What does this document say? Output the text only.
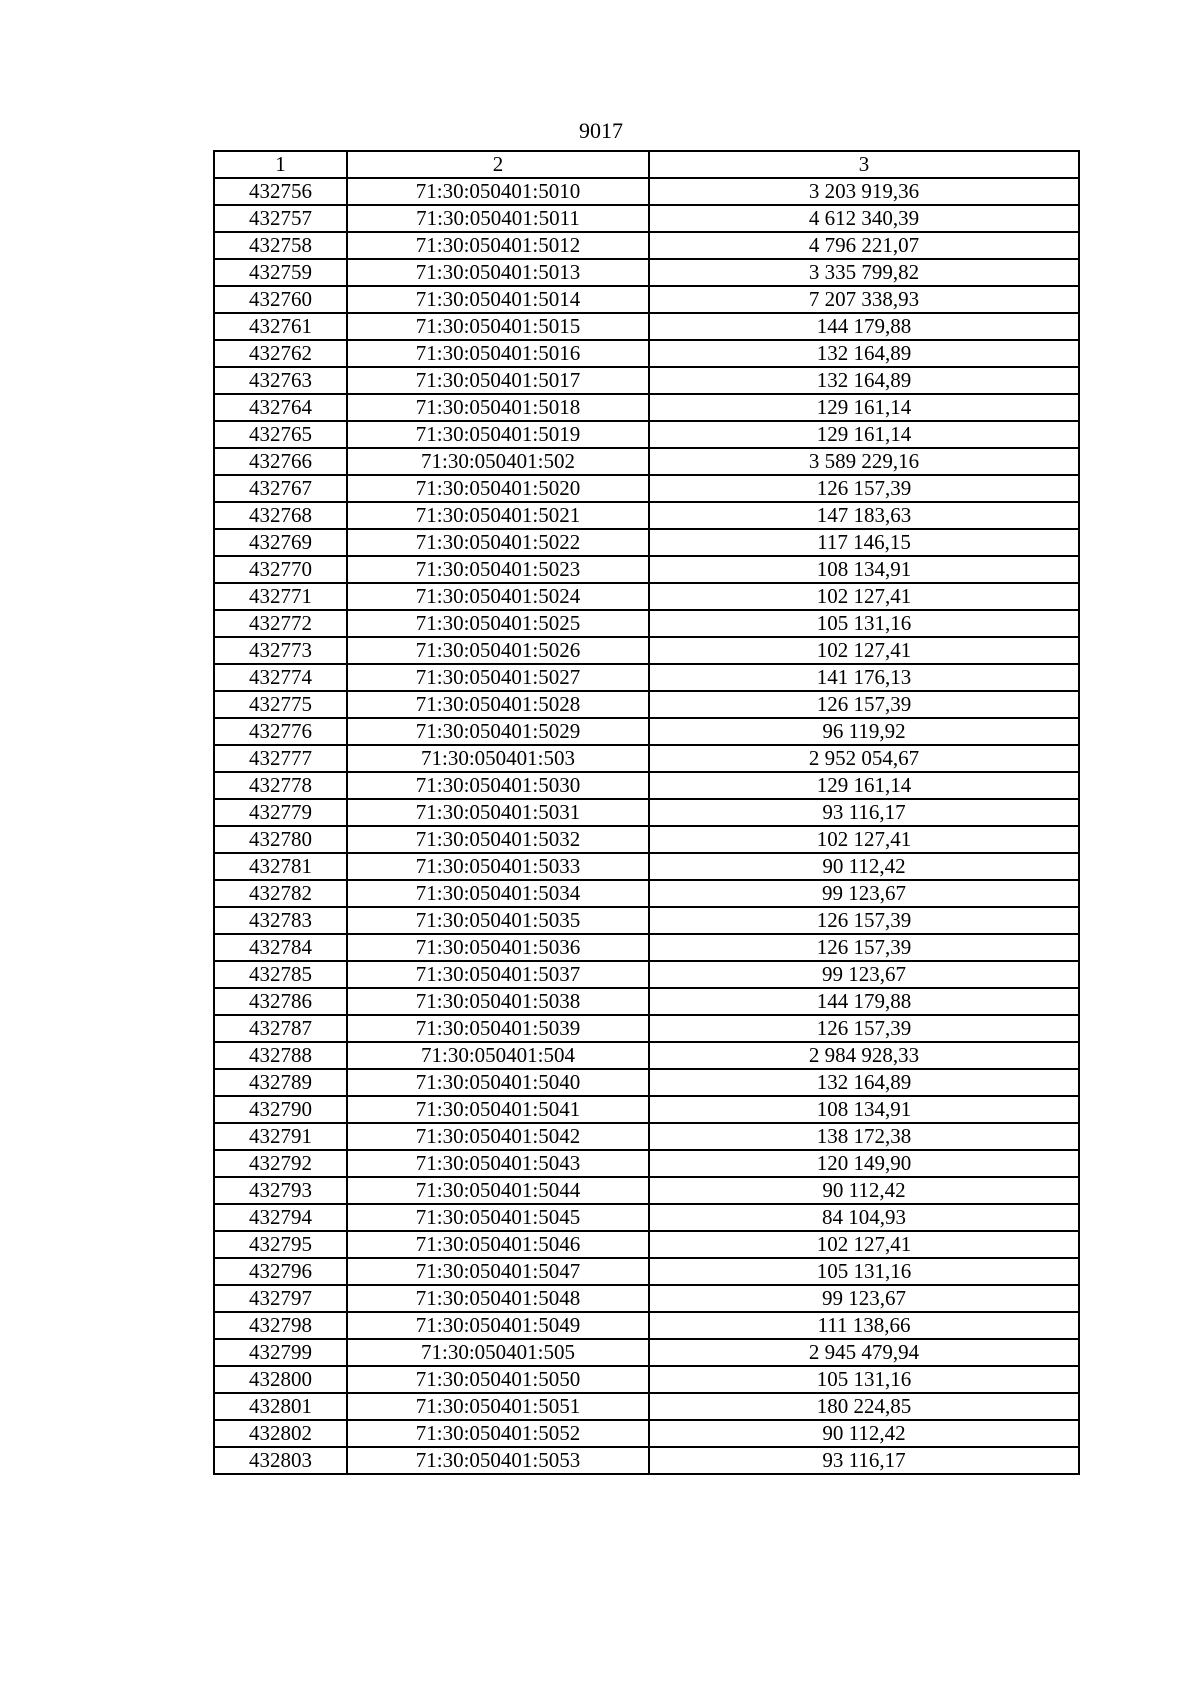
9017
1	2	3
432756	71:30:050401:5010	3 203 919,36
432757	71:30:050401:5011	4 612 340,39
432758	71:30:050401:5012	4 796 221,07
432759	71:30:050401:5013	3 335 799,82
432760	71:30:050401:5014	7 207 338,93
432761	71:30:050401:5015	144 179,88
432762	71:30:050401:5016	132 164,89
432763	71:30:050401:5017	132 164,89
432764	71:30:050401:5018	129 161,14
432765	71:30:050401:5019	129 161,14
432766	71:30:050401:502	3 589 229,16
432767	71:30:050401:5020	126 157,39
432768	71:30:050401:5021	147 183,63
432769	71:30:050401:5022	117 146,15
432770	71:30:050401:5023	108 134,91
432771	71:30:050401:5024	102 127,41
432772	71:30:050401:5025	105 131,16
432773	71:30:050401:5026	102 127,41
432774	71:30:050401:5027	141 176,13
432775	71:30:050401:5028	126 157,39
432776	71:30:050401:5029	96 119,92
432777	71:30:050401:503	2 952 054,67
432778	71:30:050401:5030	129 161,14
432779	71:30:050401:5031	93 116,17
432780	71:30:050401:5032	102 127,41
432781	71:30:050401:5033	90 112,42
432782	71:30:050401:5034	99 123,67
432783	71:30:050401:5035	126 157,39
432784	71:30:050401:5036	126 157,39
432785	71:30:050401:5037	99 123,67
432786	71:30:050401:5038	144 179,88
432787	71:30:050401:5039	126 157,39
432788	71:30:050401:504	2 984 928,33
432789	71:30:050401:5040	132 164,89
432790	71:30:050401:5041	108 134,91
432791	71:30:050401:5042	138 172,38
432792	71:30:050401:5043	120 149,90
432793	71:30:050401:5044	90 112,42
432794	71:30:050401:5045	84 104,93
432795	71:30:050401:5046	102 127,41
432796	71:30:050401:5047	105 131,16
432797	71:30:050401:5048	99 123,67
432798	71:30:050401:5049	111 138,66
432799	71:30:050401:505	2 945 479,94
432800	71:30:050401:5050	105 131,16
432801	71:30:050401:5051	180 224,85
432802	71:30:050401:5052	90 112,42
432803	71:30:050401:5053	93 116,17
